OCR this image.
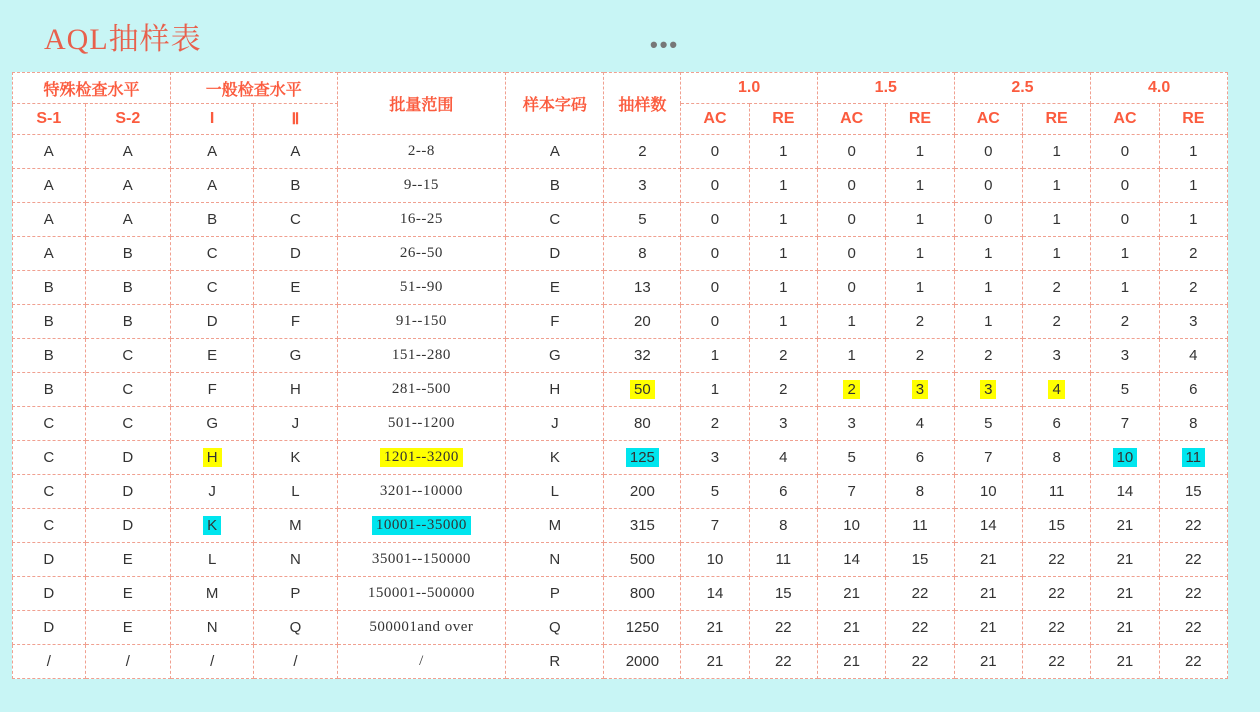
AQL抽样表	•••
特殊检查水平		一般检查水平		批量范围	样本字码	抽样数	1.0		1.5		2.5		4.0	
S-1	S-2	I	Ⅱ				AC	RE	AC	RE	AC	RE	AC	RE
A	A	A	A	2--8	A	2	0	1	0	1	0	1	0	1
A	A	A	B	9--15	B	3	0	1	0	1	0	1	0	1
A	A	B	C	16--25	C	5	0	1	0	1	0	1	0	1
A	B	C	D	26--50	D	8	0	1	0	1	1	1	1	2
B	B	C	E	51--90	E	13	0	1	0	1	1	2	1	2
B	B	D	F	91--150	F	20	0	1	1	2	1	2	2	3
B	C	E	G	151--280	G	32	1	2	1	2	2	3	3	4
B	C	F	H	281--500	H	50	1	2	2	3	3	4	5	6
C	C	G	J	501--1200	J	80	2	3	3	4	5	6	7	8
C	D	H	K	1201--3200	K	125	3	4	5	6	7	8	10	11
C	D	J	L	3201--10000	L	200	5	6	7	8	10	11	14	15
C	D	K	M	10001--35000	M	315	7	8	10	11	14	15	21	22
D	E	L	N	35001--150000	N	500	10	11	14	15	21	22	21	22
D	E	M	P	150001--500000	P	800	14	15	21	22	21	22	21	22
D	E	N	Q	500001and over	Q	1250	21	22	21	22	21	22	21	22
/	/	/	/	/	R	2000	21	22	21	22	21	22	21	22
